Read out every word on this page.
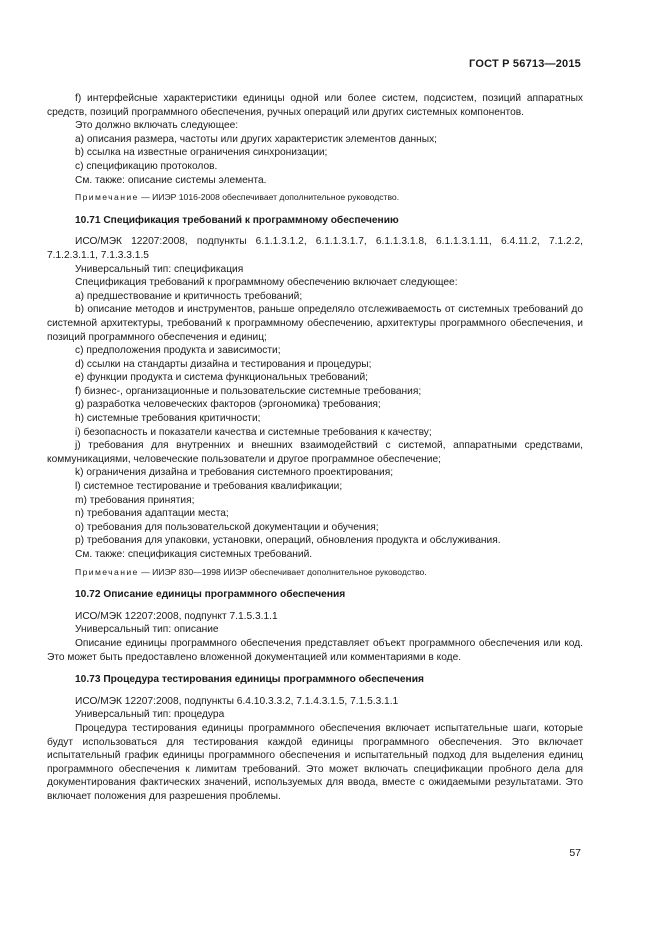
ГОСТ Р 56713—2015

f) интерфейсные характеристики единицы одной или более систем, подсистем, позиций аппаратных средств, позиций программного обеспечения, ручных операций или других системных компонентов.

Это должно включать следующее:

a) описания размера, частоты или других характеристик элементов данных;

b) ссылка на известные ограничения синхронизации;

c) спецификацию протоколов.

См. также: описание системы элемента.

Примечание — ИИЭР 1016-2008 обеспечивает дополнительное руководство.

10.71 Спецификация требований к программному обеспечению

ИСО/МЭК 12207:2008, подпункты 6.1.1.3.1.2, 6.1.1.3.1.7, 6.1.1.3.1.8, 6.1.1.3.1.11, 6.4.11.2, 7.1.2.2, 7.1.2.3.1.1, 7.1.3.3.1.5

Универсальный тип: спецификация

Спецификация требований к программному обеспечению включает следующее:

a) предшествование и критичность требований;

b) описание методов и инструментов, раньше определяло отслеживаемость от системных требований до системной архитектуры, требований к программному обеспечению, архитектуры программного обеспечения, и позиций программного обеспечения и единиц;

c) предположения продукта и зависимости;

d) ссылки на стандарты дизайна и тестирования и процедуры;

e) функции продукта и система функциональных требований;

f) бизнес-, организационные и пользовательские системные требования;

g) разработка человеческих факторов (эргономика) требования;

h) системные требования критичности;

i) безопасность и показатели качества и системные требования к качеству;

j) требования для внутренних и внешних взаимодействий с системой, аппаратными средствами, коммуникациями, человеческие пользователи и другое программное обеспечение;

k) ограничения дизайна и требования системного проектирования;

l) системное тестирование и требования квалификации;

m) требования принятия;

n) требования адаптации места;

o) требования для пользовательской документации и обучения;

p) требования для упаковки, установки, операций, обновления продукта и обслуживания.

См. также: спецификация системных требований.

Примечание — ИИЭР 830—1998 ИИЭР обеспечивает дополнительное руководство.

10.72 Описание единицы программного обеспечения

ИСО/МЭК 12207:2008, подпункт 7.1.5.3.1.1

Универсальный тип: описание

Описание единицы программного обеспечения представляет объект программного обеспечения или код. Это может быть предоставлено вложенной документацией или комментариями в коде.

10.73 Процедура тестирования единицы программного обеспечения

ИСО/МЭК 12207:2008, подпункты 6.4.10.3.3.2, 7.1.4.3.1.5, 7.1.5.3.1.1

Универсальный тип: процедура

Процедура тестирования единицы программного обеспечения включает испытательные шаги, которые будут использоваться для тестирования каждой единицы программного обеспечения. Это включает испытательный график единицы программного обеспечения и испытательный подход для выделения единиц программного обеспечения к лимитам требований. Это может включать спецификации пробного дела для документирования фактических значений, используемых для ввода, вместе с ожидаемыми результатами. Это включает положения для разрешения проблемы.

57
